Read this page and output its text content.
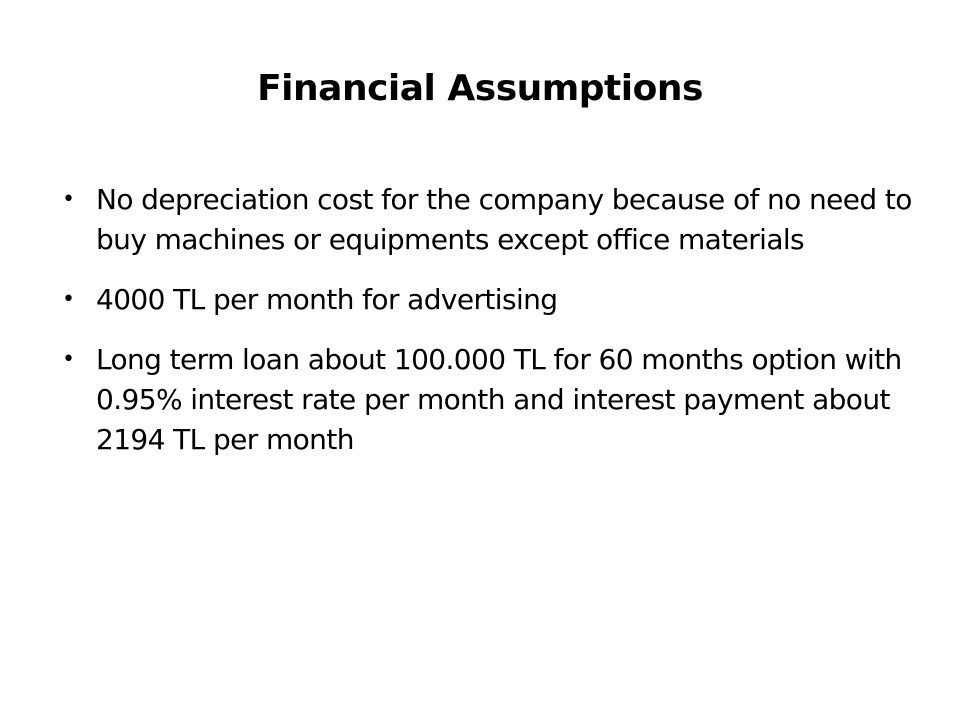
Financial Assumptions
• No depreciation cost for the company because of no need to buy machines or equipments except office materials
• 4000 TL per month for advertising
• Long term loan about 100.000 TL for 60 months option with 0.95% interest rate per month and interest payment about 2194 TL per month
